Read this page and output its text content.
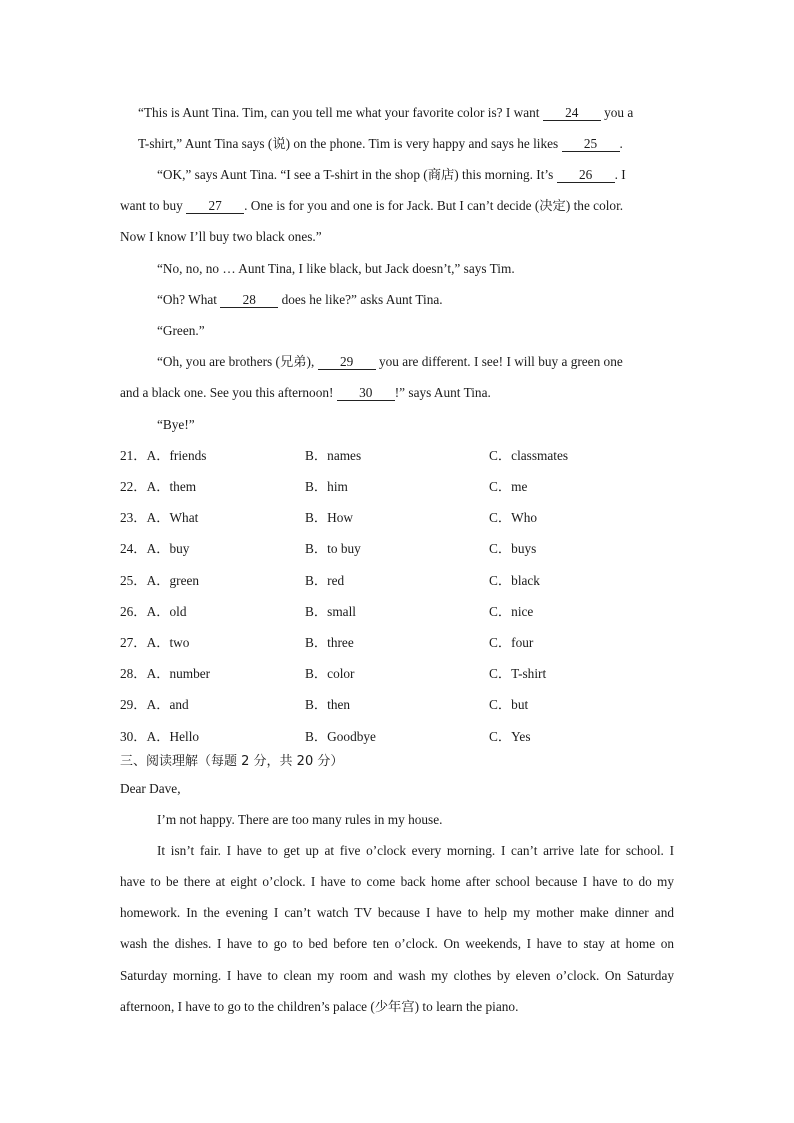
“This is Aunt Tina. Tim, can you tell me what your favorite color is? I want 24 you a
T-shirt,” Aunt Tina says (说) on the phone. Tim is very happy and says he likes 25 .
“OK,” says Aunt Tina. “I see a T-shirt in the shop (商店) this morning. It’s 26 . I
want to buy 27 . One is for you and one is for Jack. But I can’t decide (决定) the color.
Now I know I’ll buy two black ones.”
“No, no, no … Aunt Tina, I like black, but Jack doesn’t,” says Tim.
“Oh? What 28 does he like?” asks Aunt Tina.
“Green.”
“Oh, you are brothers (兄弟), 29 you are different. I see! I will buy a green one
and a black one. See you this afternoon! 30 !” says Aunt Tina.
“Bye!”
21．A．friends	B．names	C．classmates
22．A．them	B．him	C．me
23．A．What	B．How	C．Who
24．A．buy	B．to buy	C．buys
25．A．green	B．red	C．black
26．A．old	B．small	C．nice
27．A．two	B．three	C．four
28．A．number	B．color	C．T-shirt
29．A．and	B．then	C．but
30．A．Hello	B．Goodbye	C．Yes
三、阅读理解（每题 2 分，共 20 分）
Dear Dave,
I’m not happy. There are too many rules in my house.
It isn’t fair. I have to get up at five o’clock every morning. I can’t arrive late for school. I
have to be there at eight o’clock. I have to come back home after school because I have to do my
homework. In the evening I can’t watch TV because I have to help my mother make dinner and
wash the dishes. I have to go to bed before ten o’clock. On weekends, I have to stay at home on
Saturday morning. I have to clean my room and wash my clothes by eleven o’clock. On Saturday
afternoon, I have to go to the children’s palace (少年宫) to learn the piano.
